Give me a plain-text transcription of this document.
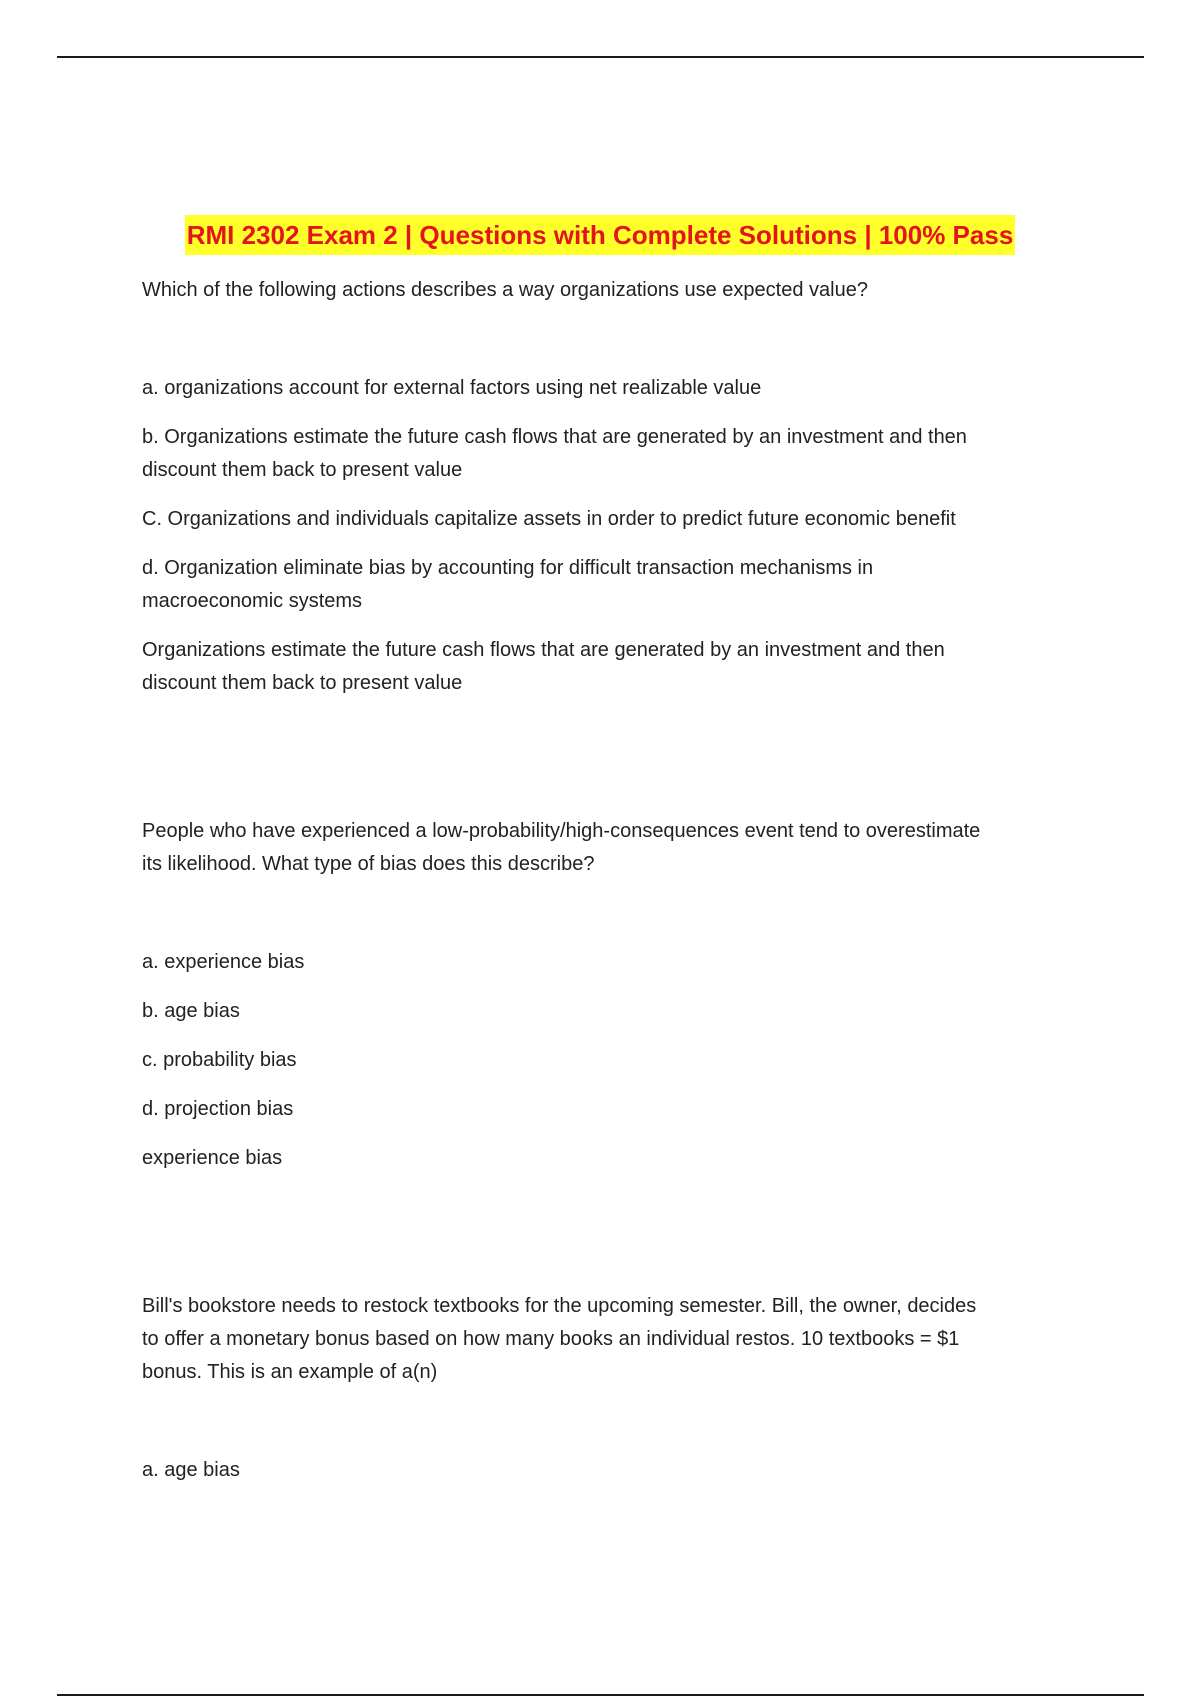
RMI 2302 Exam 2 | Questions with Complete Solutions | 100% Pass
Which of the following actions describes a way organizations use expected value?
a. organizations account for external factors using net realizable value
b. Organizations estimate the future cash flows that are generated by an investment and then
discount them back to present value
C. Organizations and individuals capitalize assets in order to predict future economic benefit
d. Organization eliminate bias by accounting for difficult transaction mechanisms in
macroeconomic systems
Organizations estimate the future cash flows that are generated by an investment and then
discount them back to present value
People who have experienced a low-probability/high-consequences event tend to overestimate
its likelihood. What type of bias does this describe?
a. experience bias
b. age bias
c. probability bias
d. projection bias
experience bias
Bill's bookstore needs to restock textbooks for the upcoming semester. Bill, the owner, decides
to offer a monetary bonus based on how many books an individual restos. 10 textbooks = $1
bonus. This is an example of a(n)
a. age bias
